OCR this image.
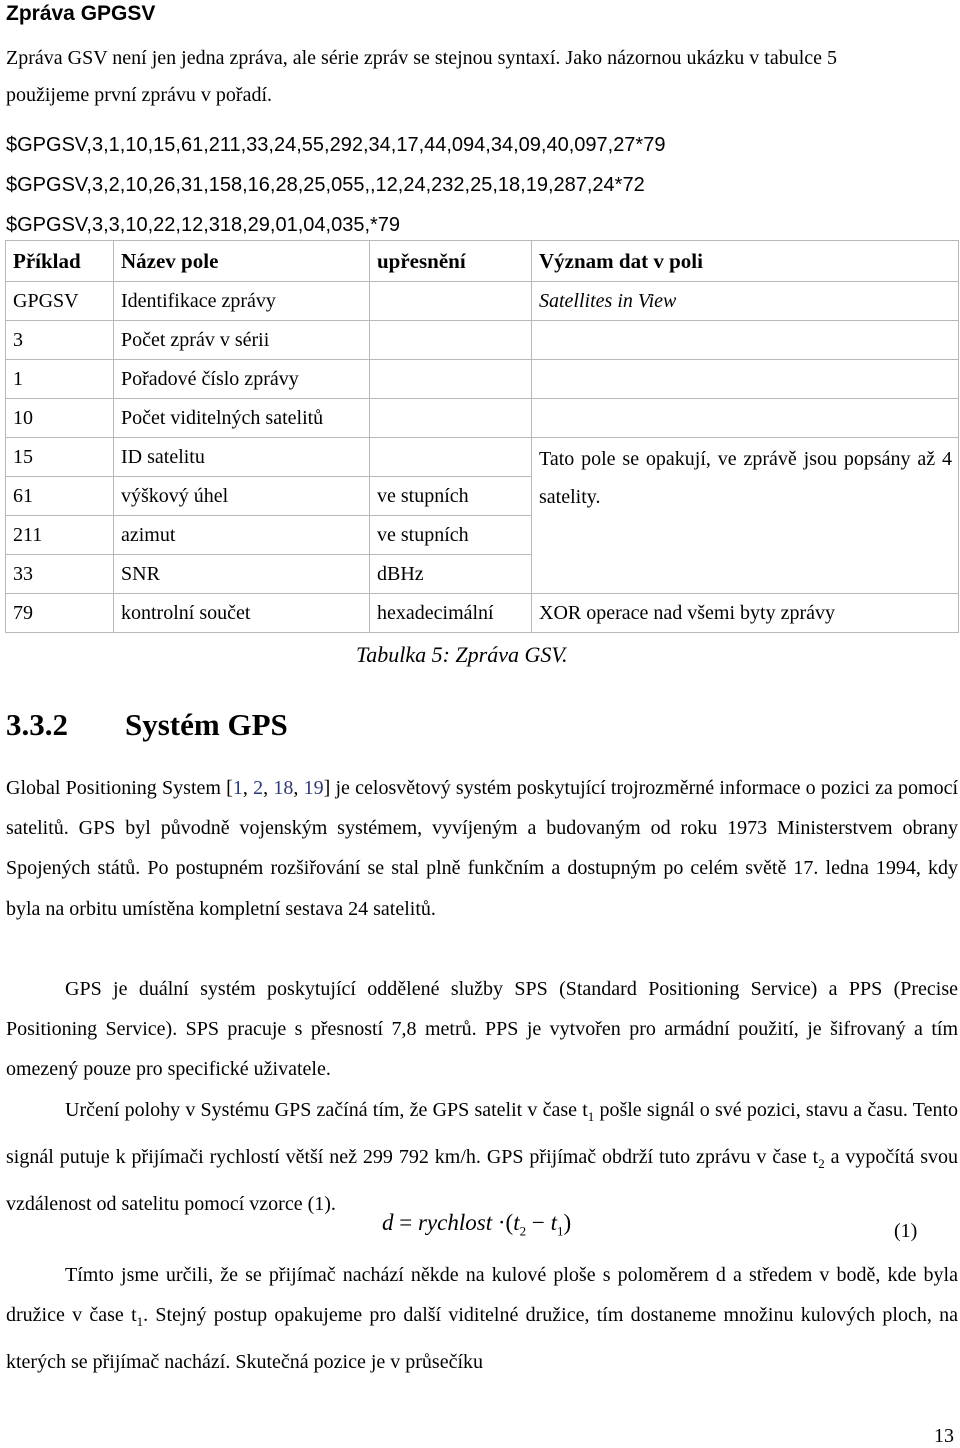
Zpráva GPGSV
Zpráva GSV není jen jedna zpráva, ale série zpráv se stejnou syntaxí. Jako názornou ukázku v tabulce 5 použijeme první zprávu v pořadí.
$GPGSV,3,1,10,15,61,211,33,24,55,292,34,17,44,094,34,09,40,097,27*79
$GPGSV,3,2,10,26,31,158,16,28,25,055,,12,24,232,25,18,19,287,24*72
$GPGSV,3,3,10,22,12,318,29,01,04,035,*79
Příklad	Název pole	upřesnění	Význam dat v poli
GPGSV	Identifikace zprávy		Satellites in View
3	Počet zpráv v sérii		
1	Pořadové číslo zprávy		
10	Počet viditelných satelitů		
15	ID satelitu		Tato pole se opakují, ve zprávě jsou popsány až 4 satelity.
61	výškový úhel	ve stupních	
211	azimut	ve stupních	
33	SNR	dBHz	
79	kontrolní součet	hexadecimální	XOR operace nad všemi byty zprávy
Tabulka 5: Zpráva GSV.
3.3.2 Systém GPS
Global Positioning System [1, 2, 18, 19] je celosvětový systém poskytující trojrozměrné informace o pozici za pomocí satelitů. GPS byl původně vojenským systémem, vyvíjeným a budovaným od roku 1973 Ministerstvem obrany Spojených států. Po postupném rozšiřování se stal plně funkčním a dostupným po celém světě 17. ledna 1994, kdy byla na orbitu umístěna kompletní sestava 24 satelitů.
GPS je duální systém poskytující oddělené služby SPS (Standard Positioning Service) a PPS (Precise Positioning Service). SPS pracuje s přesností 7,8 metrů. PPS je vytvořen pro armádní použití, je šifrovaný a tím omezený pouze pro specifické uživatele.
Určení polohy v Systému GPS začíná tím, že GPS satelit v čase $t_1$ pošle signál o své pozici, stavu a času. Tento signál putuje k přijímači rychlostí větší než 299 792 km/h. GPS přijímač obdrží tuto zprávu v čase $t_2$ a vypočítá svou vzdálenost od satelitu pomocí vzorce (1).
d = rychlost $\cdot(t_2 - t_1)$	(1)
Tímto jsme určili, že se přijímač nachází někde na kulové ploše s poloměrem d a středem v bodě, kde byla družice v čase $t_1$. Stejný postup opakujeme pro další viditelné družice, tím dostaneme množinu kulových ploch, na kterých se přijímač nachází. Skutečná pozice je v průsečíku
13
